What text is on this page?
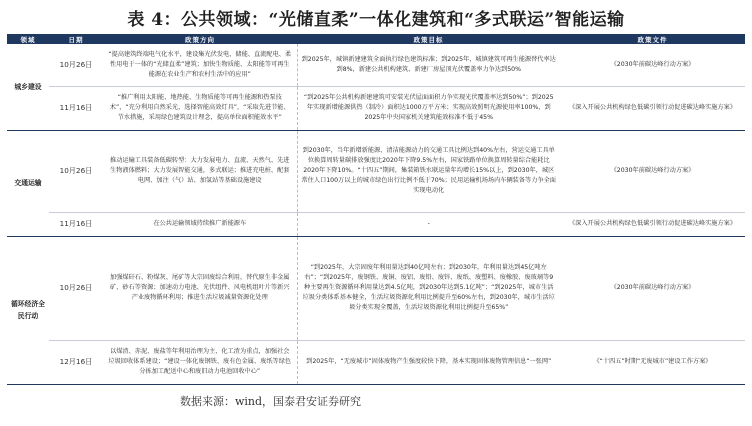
表 4：公共领域：“光储直柔”一体化建筑和“多式联运”智能运输
领域	日期	政策方向	政策目标	政策文件
城乡建设	10月26日	“提高建筑终端电气化水平，建设集光伏发电、储能、直流配电、柔性用电于一体的“光储直柔”建筑；加快生物质能、太阳能等可再生能源在农业生产和农村生活中的应用”	到2025年，城镇新建建筑全面执行绿色建筑标准；到2025年，城镇建筑可再生能源替代率达到8%，新建公共机构建筑、新建厂房屋顶光伏覆盖率力争达到50%	《2030年前碳达峰行动方案》
	11月16日	“推广利用太阳能、地热能、生物质能等可再生能源和热泵技术”，“充分利用自然采光，选择智能高效灯具”，“采取先进节能、节水措施，采用绿色建筑设计理念，提高单位面积能效水平”	“到2025年公共机构新建建筑可安装光伏屋面面积力争实现光伏覆盖率达到50%”；到2025年实现新增能源供热（制冷）面积达1000万平方米；实现高效照明光源使用率100%，到2025年中央国家机关建筑能效标准不低于45%	《深入开展公共机构绿色低碳引领行动促进碳达峰实施方案》
交通运输	10月26日	推动运输工具装备低碳转型：大力发展电力、直流、天然气、先进生物液体燃料；大力发展智能交通，多式联运；推进充电桩、配套电网、加注（气）站、加氢站等基础设施建设	到2030年，当年新增新能源、清洁能源动力的交通工具比例达到40%左右，营运交通工具单位换算周转量碳排放强度比2020年下降9.5%左右，国家铁路单位换算周转量综合能耗比2020年下降10%。“十四五”期间，集装箱铁水联运量年均增长15%以上，到2030年，城区常住人口100万以上的城市绿色出行比例不低于70%；民用运输机场场内车辆装备等力争全面实现电动化	《2030年前碳达峰行动方案》
	11月16日	在公共运输领域持续推广新能源车	-	《深入开展公共机构绿色低碳引领行动促进碳达峰实施方案》
循环经济全民行动	10月26日	加强煤矸石、粉煤灰、尾矿等大宗固废综合利用，替代原生非金属矿、砂石等资源；加速动力电池、光伏组件、风电机组叶片等新兴产业废物循环利用；推进生活垃圾减量资源化处理	“到2025年，大宗固废年利用量达到40亿吨左右；到2030年，年利用量达到45亿吨左右”；“到2025年，废钢铁、废铜、废铝、废铅、废锌、废纸、废塑料、废橡胶、废玻璃等9种主要再生资源循环利用量达到4.5亿吨，到2030年达到5.1亿吨”；“到2025年，城市生活垃圾分类体系基本健全，生活垃圾资源化利用比例提升至60%左右，到2030年，城市生活垃圾分类实现全覆盖，生活垃圾资源化利用比例提升至65%”	《2030年前碳达峰行动方案》
	12月16日	以煤渣、赤泥、废盐等年利用治理为主，化工渣为重点，加强社会垃圾回收体系建设；“建设一体化废钢铁、废有色金属、废纸等绿色分拣加工配送中心和废旧动力电池回收中心”	到2025年，“无废城市”固体废物产生强度较快下降，基本实现固体废物管理信息“一张网”	《“十四五”时期“无废城市”建设工作方案》
数据来源：wind，国泰君安证券研究
